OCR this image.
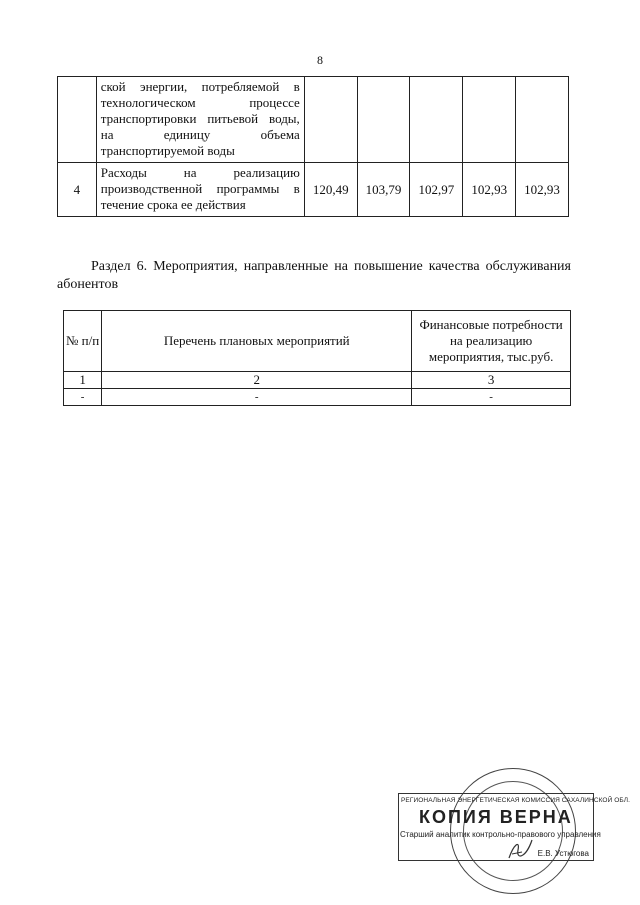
8
	ской энергии, потребляемой в технологическом процессе транспортировки питьевой воды, на единицу объема транспортируемой воды					
4	Расходы на реализацию производственной программы в течение срока ее действия	120,49	103,79	102,97	102,93	102,93
Раздел 6. Мероприятия, направленные на повышение качества обслуживания абонентов
№ п/п	Перечень плановых мероприятий	Финансовые потребности на реализацию мероприятия, тыс.руб.
1	2	3
-	-	-
РЕГИОНАЛЬНАЯ ЭНЕРГЕТИЧЕСКАЯ КОМИССИЯ САХАЛИНСКОЙ ОБЛ.
КОПИЯ ВЕРНА
Старший аналитик контрольно-правового управления
Е.В. Устюгова
